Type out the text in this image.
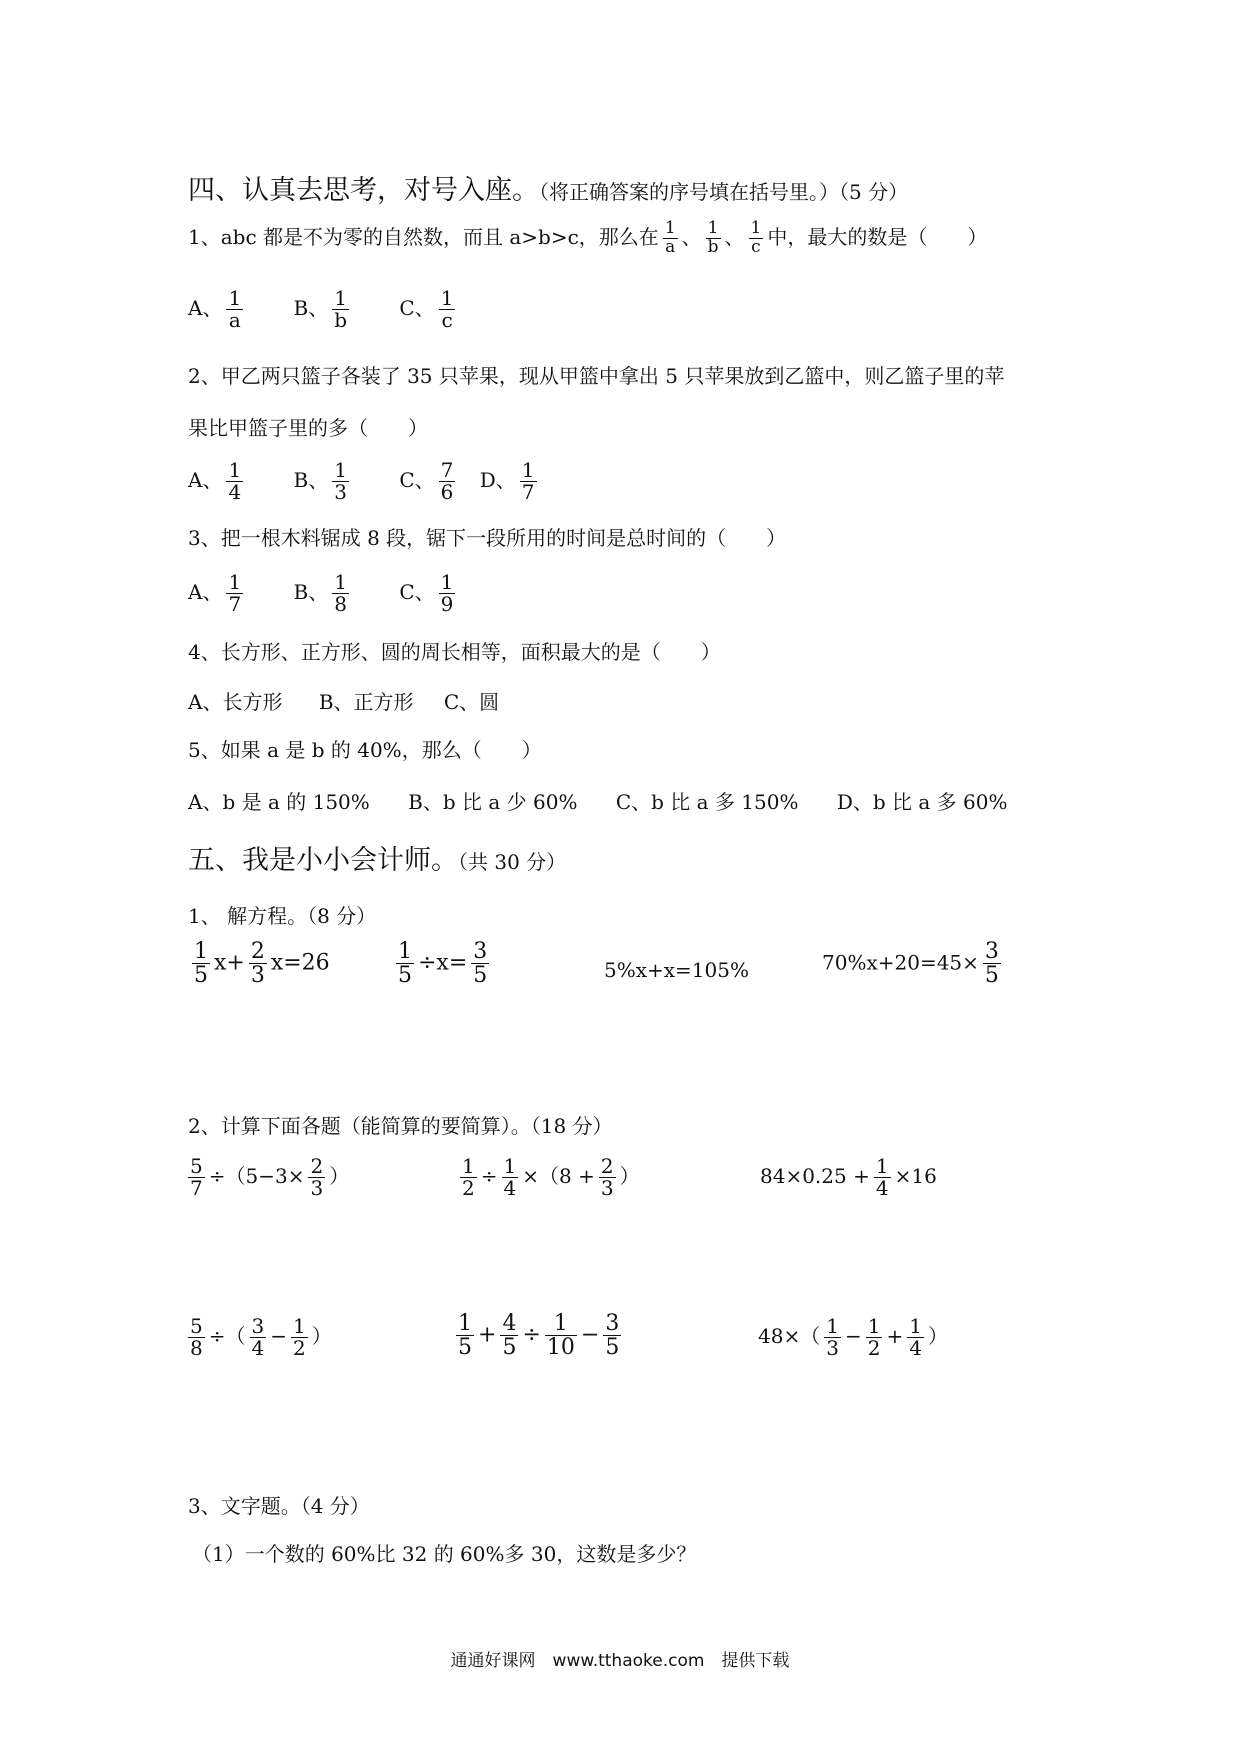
四、认真去思考，对号入座。（将正确答案的序号填在括号里。）（5 分）
1、abc 都是不为零的自然数，而且 a>b>c，那么在 $\frac{1}{a}$ 、 $\frac{1}{b}$ 、 $\frac{1}{c}$ 中，最大的数是（　　）
A、 $\frac{1}{a}$	B、 $\frac{1}{b}$	C、 $\frac{1}{c}$
2、甲乙两只篮子各装了 35 只苹果，现从甲篮中拿出 5 只苹果放到乙篮中，则乙篮子里的苹
果比甲篮子里的多（　　）
A、 $\frac{1}{4}$	B、 $\frac{1}{3}$	C、 $\frac{7}{6}$ D、 $\frac{1}{7}$
3、把一根木料锯成 8 段，锯下一段所用的时间是总时间的（　　）
A、 $\frac{1}{7}$	B、 $\frac{1}{8}$	C、 $\frac{1}{9}$
4、长方形、正方形、圆的周长相等，面积最大的是（　　）
A、长方形 B、正方形 C、圆
5、如果 a 是 b 的 40%，那么（　　）
A、b 是 a 的 150% B、b 比 a 少 60% C、b 比 a 多 150% D、b 比 a 多 60%
五、我是小小会计师。（共 30 分）
1、 解方程。（8 分）
$\frac{1}{5} x+ \frac{2}{3} x=26$	$\frac{1}{5} \div x= \frac{3}{5}$	5%x+x=105%	$70\%x+20=45\times \frac{3}{5}$
2、计算下面各题（能简算的要简算）。（18 分）
$\frac{5}{7} \div(5-3\times \frac{2}{3}$ ）	$\frac{1}{2} \div \frac{1}{4} \times(8 + \frac{2}{3}$ ）	$84\times 0.25 + \frac{1}{4} \times 16$
$\frac{5}{8}$ ÷（ $\frac{3}{4} - \frac{1}{2}$ ）	$\frac{1}{5} + \frac{4}{5} \div \frac{1}{10} - \frac{3}{5}$	$48\times( \frac{1}{3} - \frac{1}{2} + \frac{1}{4}$ ）
3、文字题。（4 分）
（1）一个数的 60%比 32 的 60%多 30，这数是多少？
通通好课网　www.tthaoke.com　提供下载
